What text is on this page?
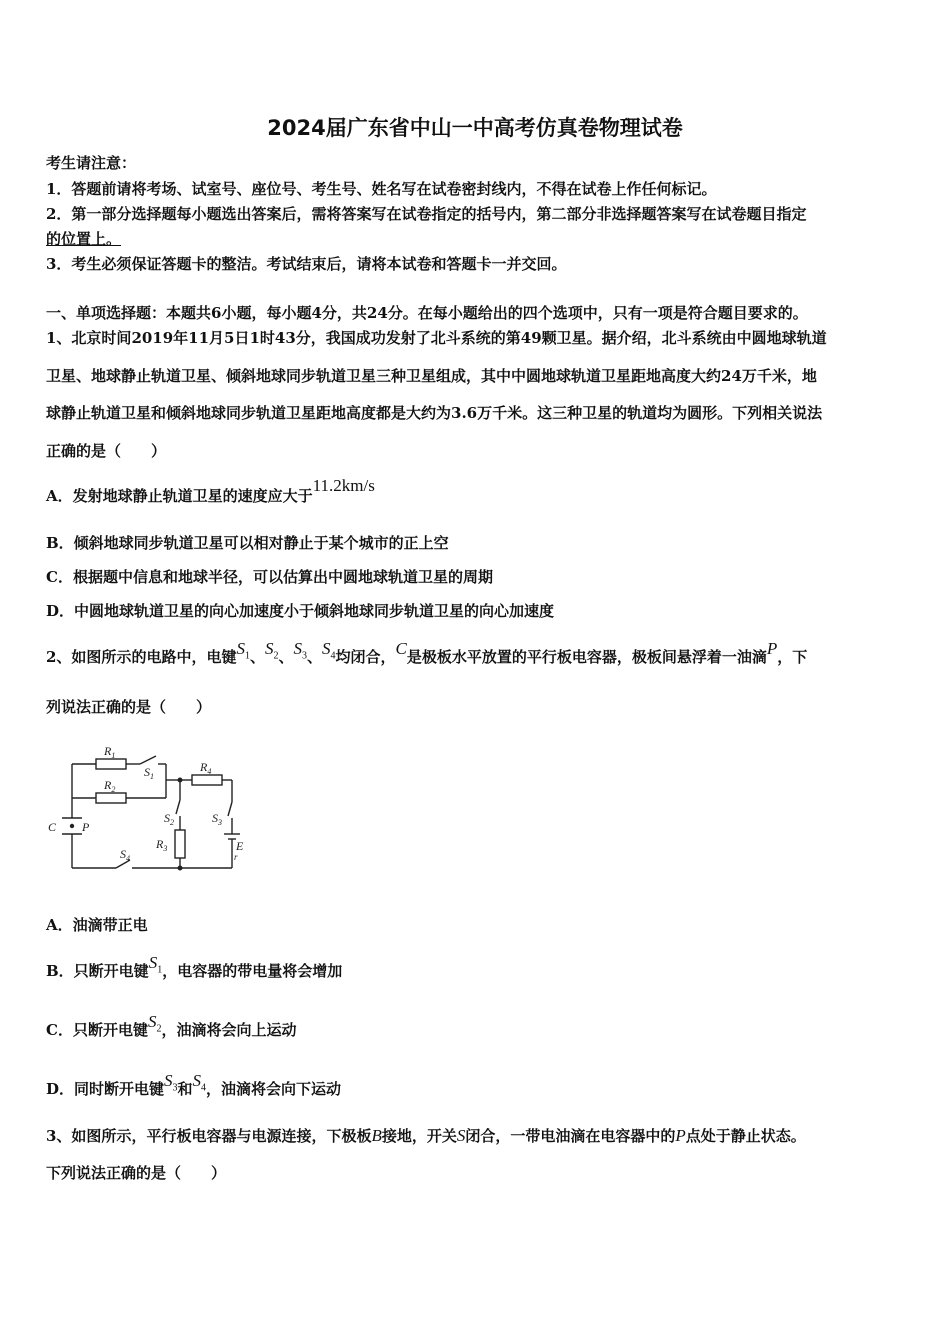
2024届广东省中山一中高考仿真卷物理试卷
考生请注意：
1．答题前请将考场、试室号、座位号、考生号、姓名写在试卷密封线内，不得在试卷上作任何标记。
2．第一部分选择题每小题选出答案后，需将答案写在试卷指定的括号内，第二部分非选择题答案写在试卷题目指定
的位置上。
3．考生必须保证答题卡的整洁。考试结束后，请将本试卷和答题卡一并交回。
一、单项选择题：本题共6小题，每小题4分，共24分。在每小题给出的四个选项中，只有一项是符合题目要求的。
1、北京时间2019年11月5日1时43分，我国成功发射了北斗系统的第49颗卫星。据介绍，北斗系统由中圆地球轨道
卫星、地球静止轨道卫星、倾斜地球同步轨道卫星三种卫星组成，其中中圆地球轨道卫星距地高度大约24万千米，地
球静止轨道卫星和倾斜地球同步轨道卫星距地高度都是大约为3.6万千米。这三种卫星的轨道均为圆形。下列相关说法
正确的是（　　）
A．发射地球静止轨道卫星的速度应大于11.2km/s
B．倾斜地球同步轨道卫星可以相对静止于某个城市的正上空
C．根据题中信息和地球半径，可以估算出中圆地球轨道卫星的周期
D．中圆地球轨道卫星的向心加速度小于倾斜地球同步轨道卫星的向心加速度
2、如图所示的电路中，电键$S_1$、$S_2$、$S_3$、$S_4$均闭合，C是极板水平放置的平行板电容器，极板间悬浮着一油滴P，下
列说法正确的是（　　）
$R_1$
$R_2$
$S_1$
$R_4$
$S_2$
$R_3$
$S_3$
E
r
$S_4$
C P
A．油滴带正电
B．只断开电键$S_1$，电容器的带电量将会增加
C．只断开电键$S_2$，油滴将会向上运动
D．同时断开电键$S_3$和$S_4$，油滴将会向下运动
3、如图所示，平行板电容器与电源连接，下极板B接地，开关S闭合，一带电油滴在电容器中的P点处于静止状态。
下列说法正确的是（　　）
